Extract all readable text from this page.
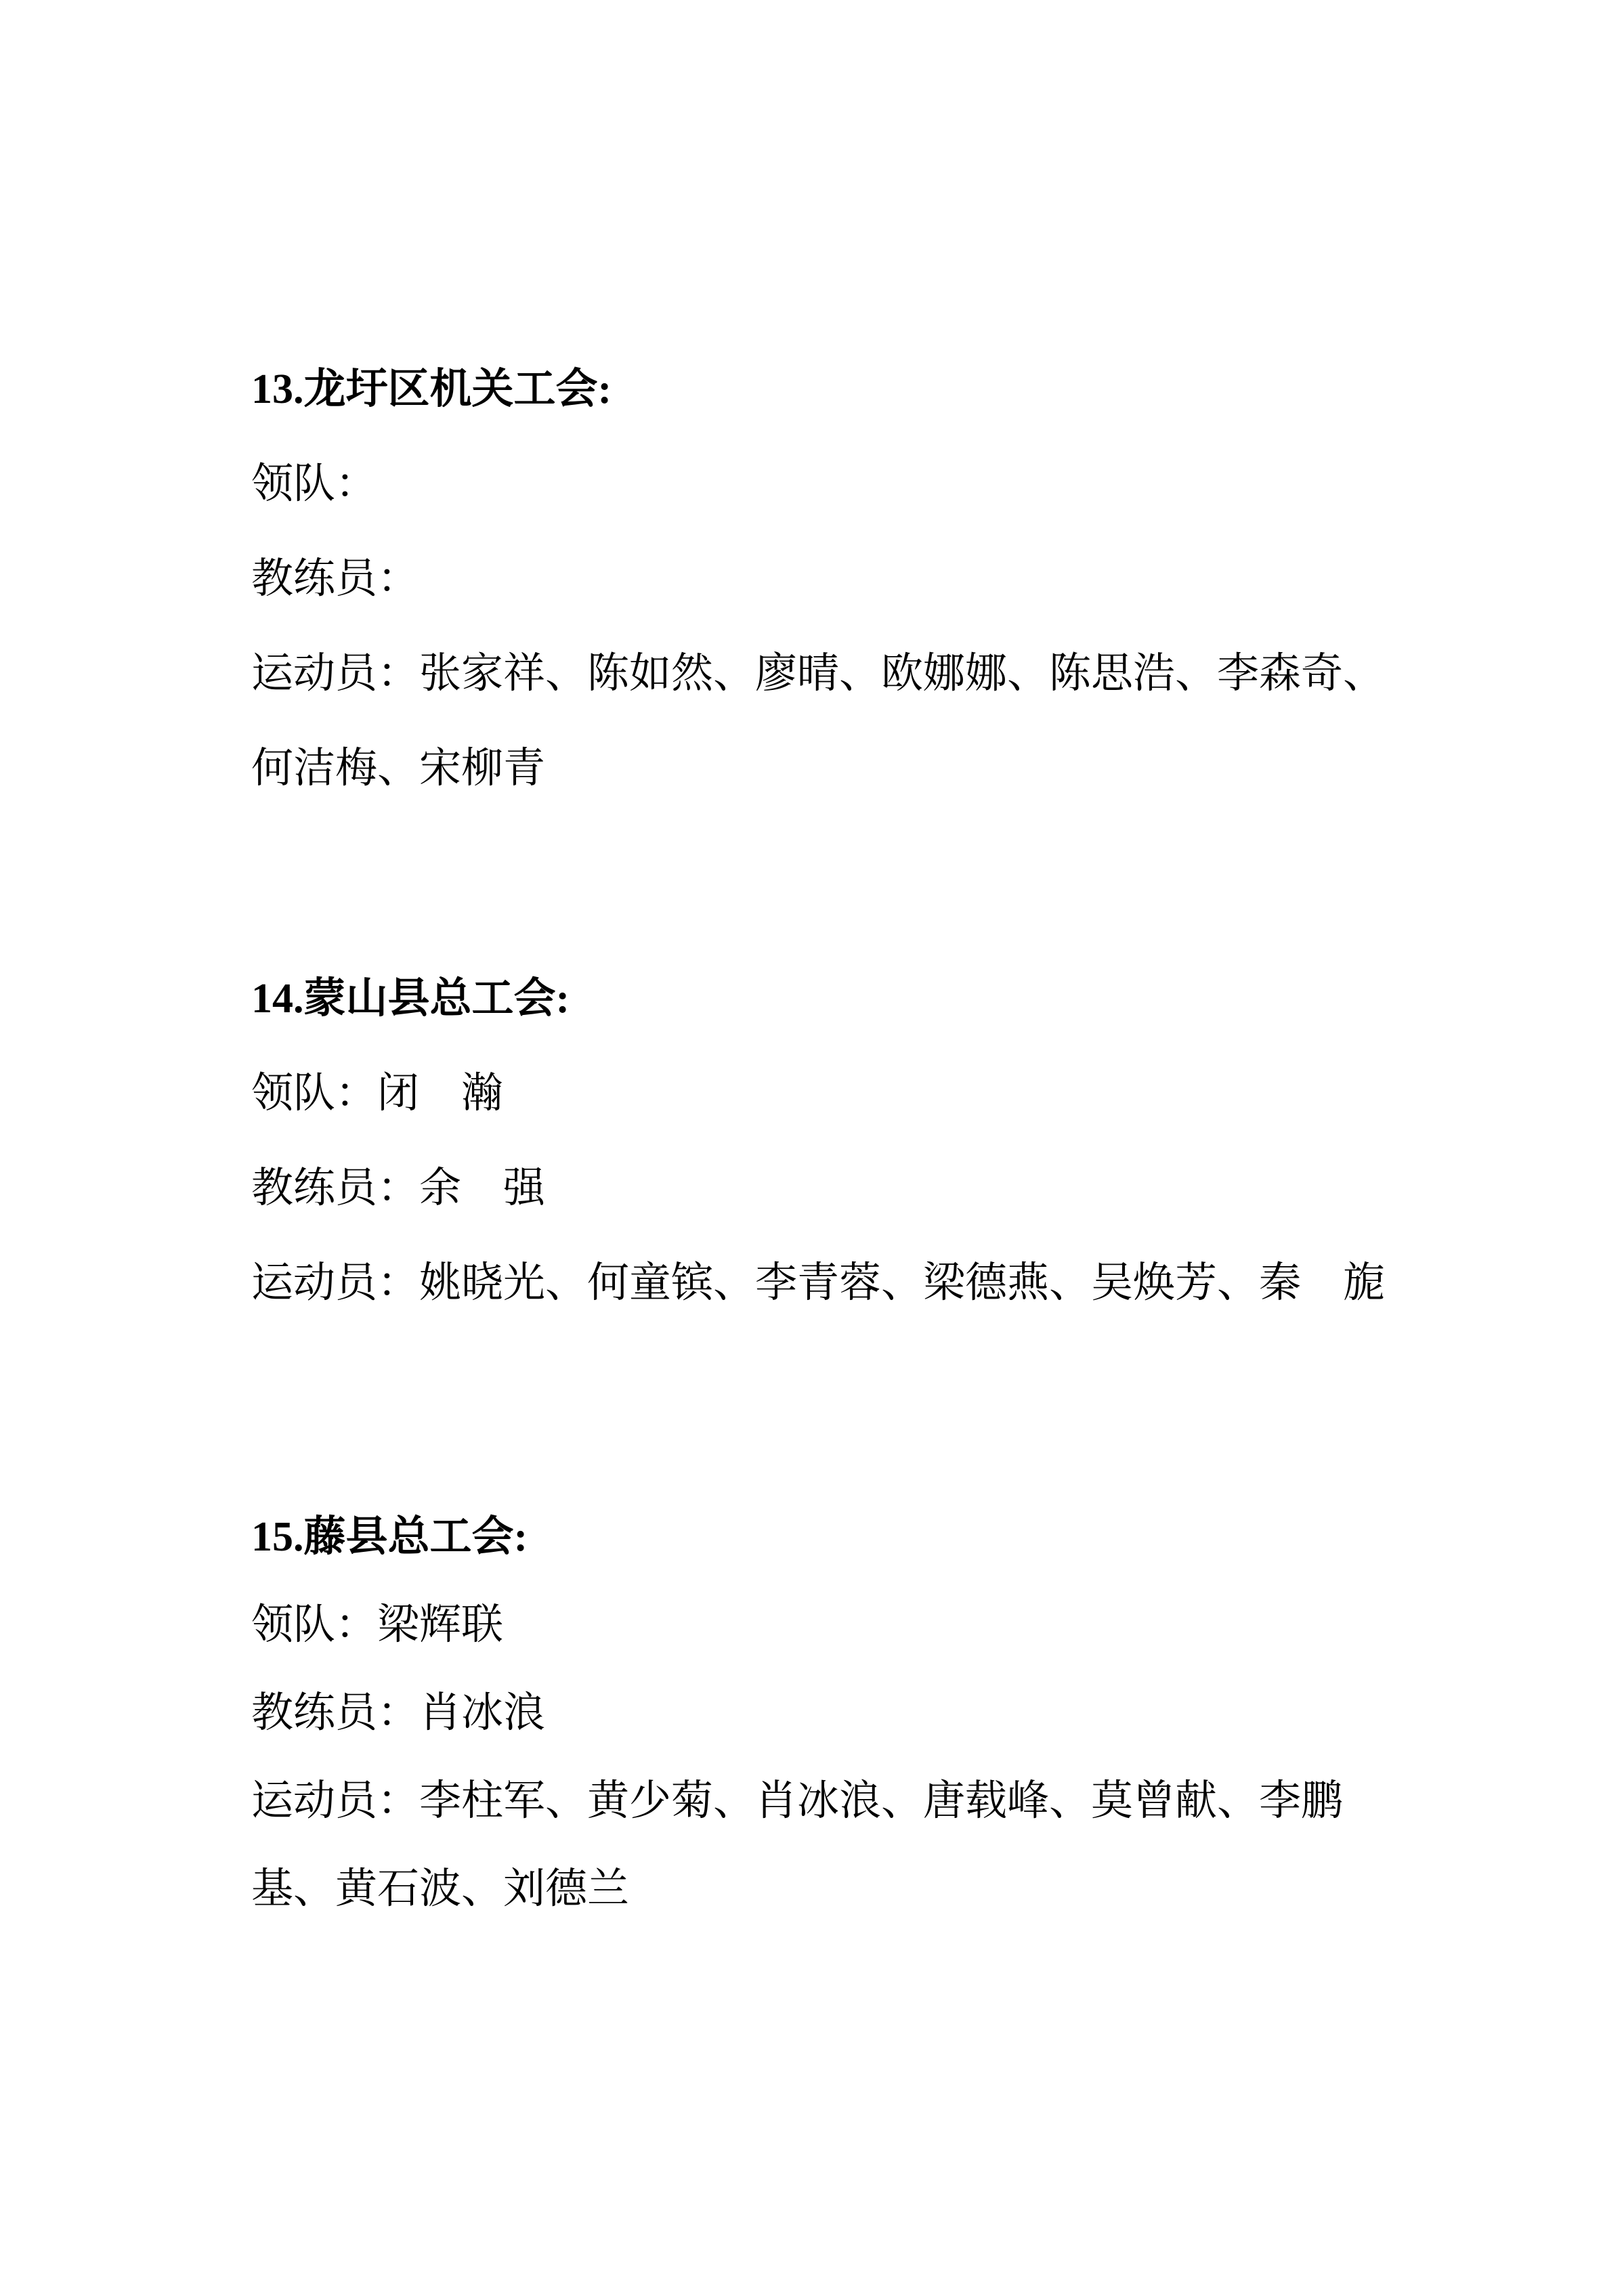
13.龙圩区机关工会:

领队：

教练员：

运动员：张家祥、陈如然、廖晴、欧娜娜、陈思浩、李森奇、

何洁梅、宋柳青

14.蒙山县总工会:

领队：闭　瀚

教练员：余　强

运动员：姚晓光、何童镔、李青蓉、梁德燕、吴焕芳、秦　旎

15.藤县总工会:

领队：梁辉联

教练员：肖冰浪

运动员：李柱军、黄少菊、肖冰浪、唐载峰、莫曾献、李鹏

基、黄石波、刘德兰
